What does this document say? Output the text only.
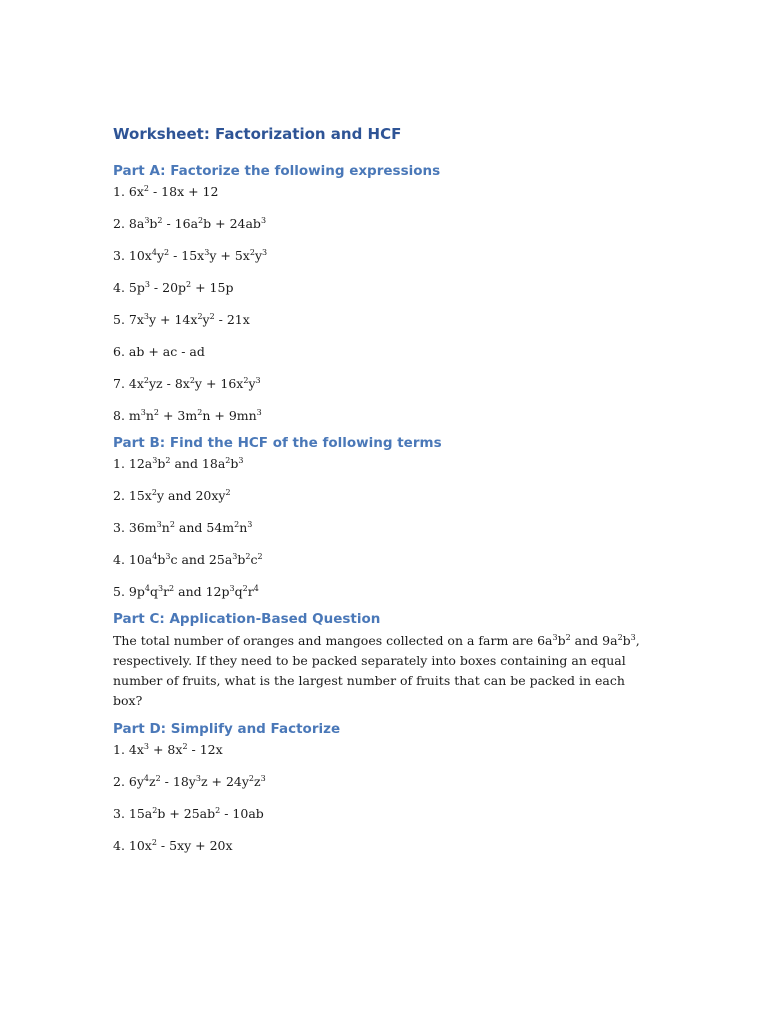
Worksheet: Factorization and HCF
Part A: Factorize the following expressions

1. $6x^2 - 18x + 12$

2. $8a^3b^2 - 16a^2b + 24ab^3$

3. $10x^4y^2 - 15x^3y + 5x^2y^3$

4. $5p^3 - 20p^2 + 15p$

5. $7x^3y + 14x^2y^2 - 21x$

6. ab + ac - ad

7. $4x^2yz - 8x^2y + 16x^2y^3$

8. $m^3n^2 + 3m^2n + 9mn^3$

Part B: Find the HCF of the following terms

1. $12a^3b^2$ and $18a^2b^3$

2. $15x^2y$ and $20xy^2$

3. $36m^3n^2$ and $54m^2n^3$

4. $10a^4b^3c$ and $25a^3b^2c^2$

5. $9p^4q^3r^2$ and $12p^3q^2r^4$

Part C: Application-Based Question

The total number of oranges and mangoes collected on a farm are $6a^3b^2$ and $9a^2b^3$, respectively. If they need to be packed separately into boxes containing an equal number of fruits, what is the largest number of fruits that can be packed in each box?

Part D: Simplify and Factorize

1. $4x^3 + 8x^2 - 12x$

2. $6y^4z^2 - 18y^3z + 24y^2z^3$

3. $15a^2b + 25ab^2 - 10ab$

4. $10x^2 - 5xy + 20x$
